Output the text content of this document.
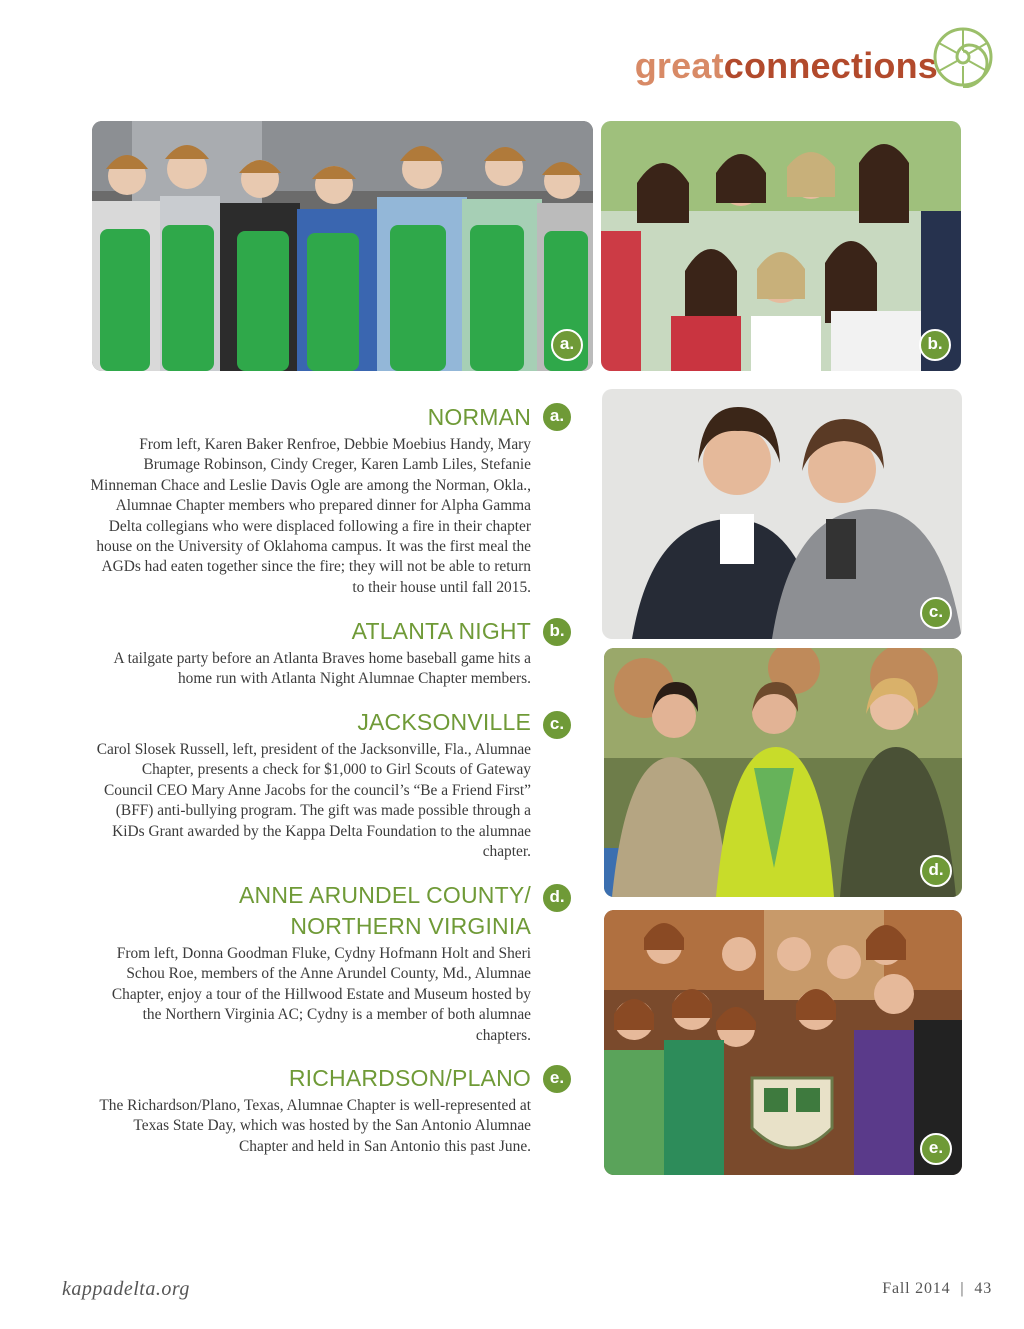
greatconnections
a.	b.
c.
d.
e.
NORMAN

From left, Karen Baker Renfroe, Debbie Moebius Handy, Mary Brumage Robinson, Cindy Creger, Karen Lamb Liles, Stefanie Minneman Chace and Leslie Davis Ogle are among the Norman, Okla., Alumnae Chapter members who prepared dinner for Alpha Gamma Delta collegians who were displaced following a fire in their chapter house on the University of Oklahoma campus. It was the first meal the AGDs had eaten together since the fire; they will not be able to return to their house until fall 2015.

a.
ATLANTA NIGHT

A tailgate party before an Atlanta Braves home baseball game hits a home run with Atlanta Night Alumnae Chapter members.

b.
JACKSONVILLE

Carol Slosek Russell, left, president of the Jacksonville, Fla., Alumnae Chapter, presents a check for $1,000 to Girl Scouts of Gateway Council CEO Mary Anne Jacobs for the council’s “Be a Friend First” (BFF) anti-bullying program. The gift was made possible through a KiDs Grant awarded by the Kappa Delta Foundation to the alumnae chapter.

c.
ANNE ARUNDEL COUNTY/
NORTHERN VIRGINIA

From left, Donna Goodman Fluke, Cydny Hofmann Holt and Sheri Schou Roe, members of the Anne Arundel County, Md., Alumnae Chapter, enjoy a tour of the Hillwood Estate and Museum hosted by the Northern Virginia AC; Cydny is a member of both alumnae chapters.

d.
RICHARDSON/PLANO

The Richardson/Plano, Texas, Alumnae Chapter is well-represented at Texas State Day, which was hosted by the San Antonio Alumnae Chapter and held in San Antonio this past June.

e.
kappadelta.org	Fall 2014 | 43
